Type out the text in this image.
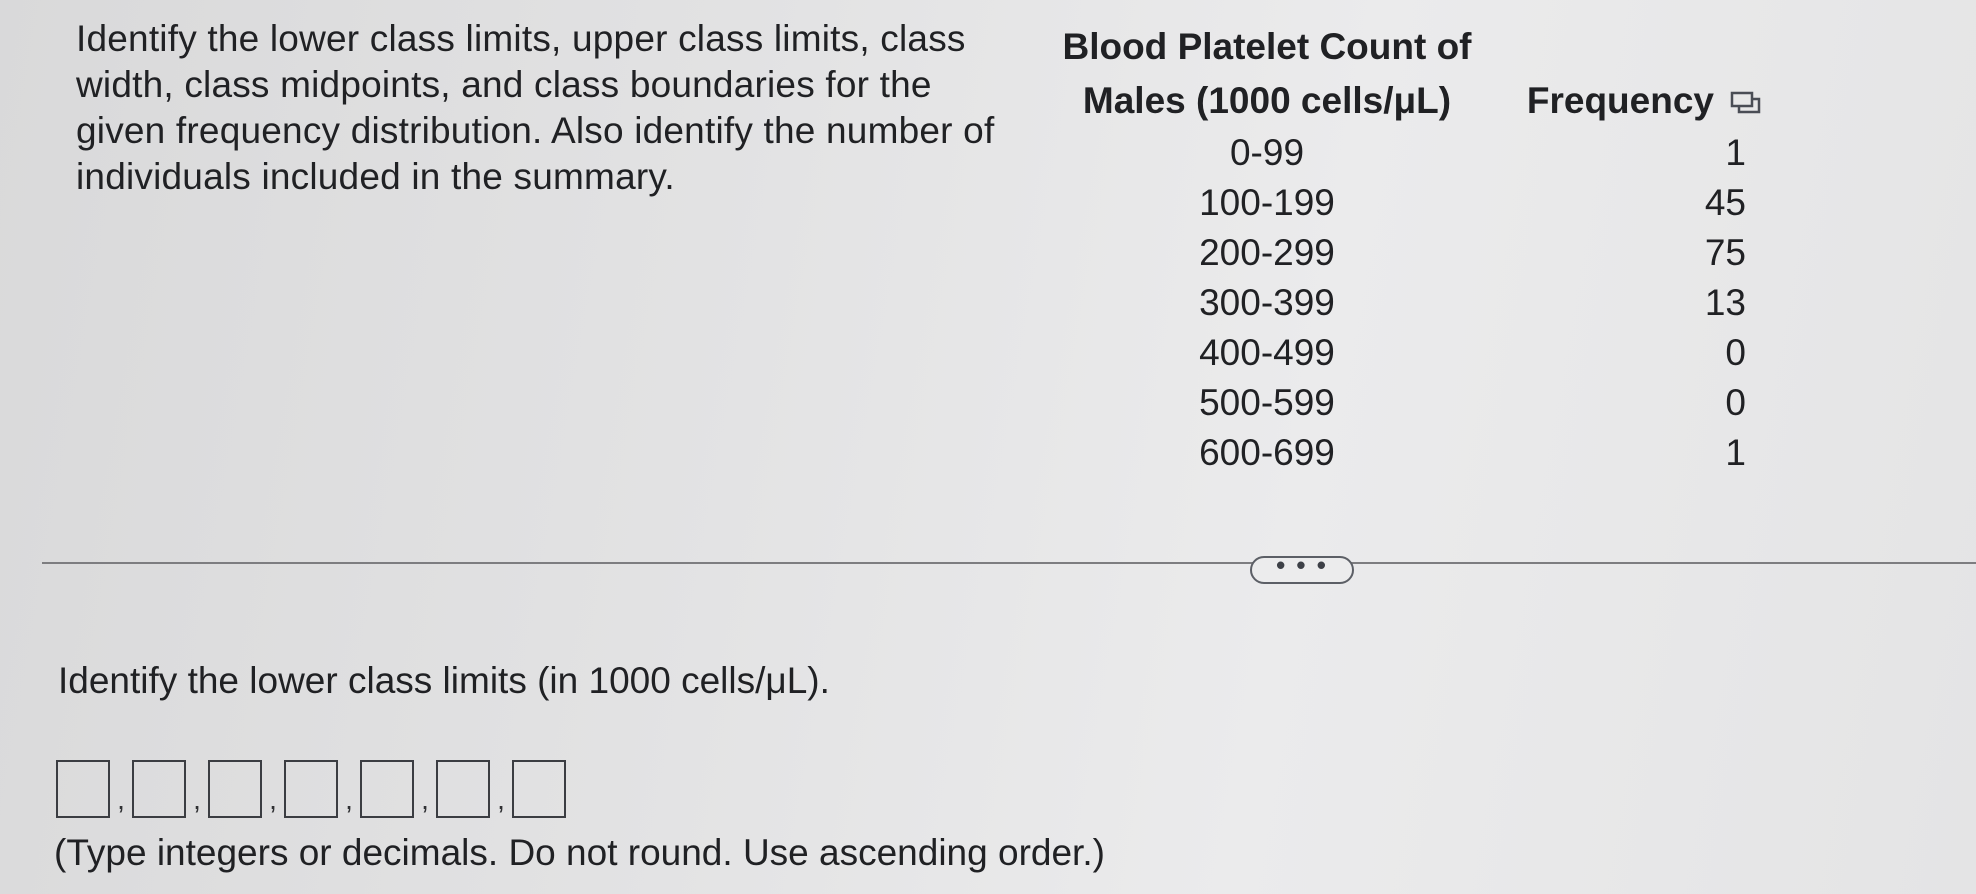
Identify the lower class limits, upper class limits, class width, class midpoints, and class boundaries for the given frequency distribution. Also identify the number of individuals included in the summary.
Blood Platelet Count of
Males (1000 cells/μL)	Frequency

0-99	1
100-199	45
200-299	75
300-399	13
400-499	0
500-599	0
600-699	1
• • •
Identify the lower class limits (in 1000 cells/μL).
, , , , , ,
(Type integers or decimals. Do not round. Use ascending order.)
